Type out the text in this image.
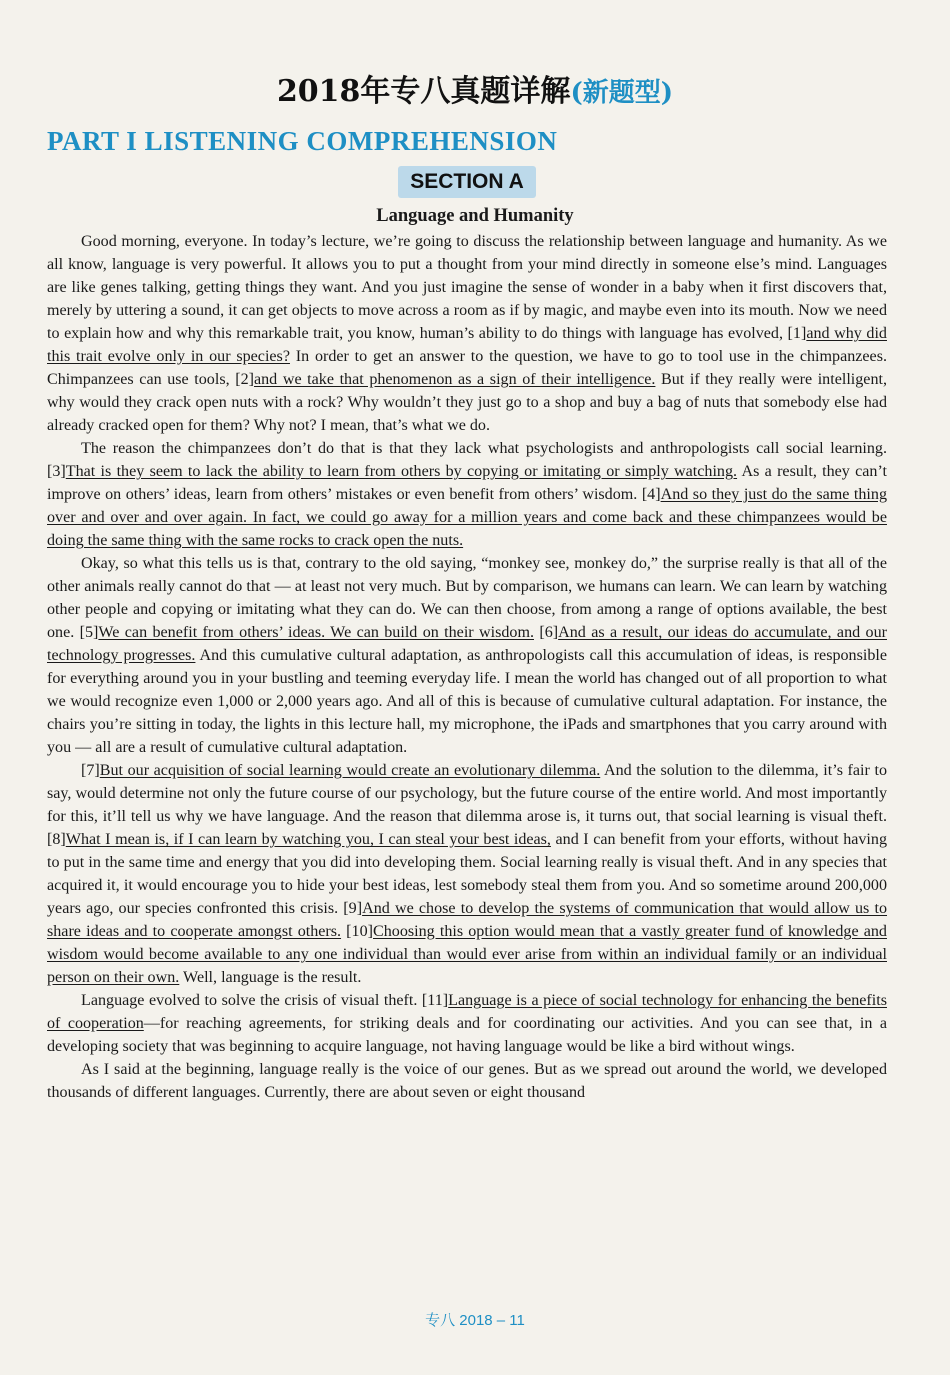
2018年专八真题详解(新题型)
PART I LISTENING COMPREHENSION
SECTION A
Language and Humanity

Good morning, everyone. In today’s lecture, we’re going to discuss the relationship between language and humanity. As we all know, language is very powerful. It allows you to put a thought from your mind directly in someone else’s mind. Languages are like genes talking, getting things they want. And you just imagine the sense of wonder in a baby when it first discovers that, merely by uttering a sound, it can get objects to move across a room as if by magic, and maybe even into its mouth. Now we need to explain how and why this remarkable trait, you know, human’s ability to do things with language has evolved, [1]and why did this trait evolve only in our species? In order to get an answer to the question, we have to go to tool use in the chimpanzees. Chimpanzees can use tools, [2]and we take that phenomenon as a sign of their intelligence. But if they really were intelligent, why would they crack open nuts with a rock? Why wouldn’t they just go to a shop and buy a bag of nuts that somebody else had already cracked open for them? Why not? I mean, that’s what we do.

The reason the chimpanzees don’t do that is that they lack what psychologists and anthropologists call social learning. [3]That is they seem to lack the ability to learn from others by copying or imitating or simply watching. As a result, they can’t improve on others’ ideas, learn from others’ mistakes or even benefit from others’ wisdom. [4]And so they just do the same thing over and over and over again. In fact, we could go away for a million years and come back and these chimpanzees would be doing the same thing with the same rocks to crack open the nuts.

Okay, so what this tells us is that, contrary to the old saying, “monkey see, monkey do,” the surprise really is that all of the other animals really cannot do that — at least not very much. But by comparison, we humans can learn. We can learn by watching other people and copying or imitating what they can do. We can then choose, from among a range of options available, the best one. [5]We can benefit from others’ ideas. We can build on their wisdom. [6]And as a result, our ideas do accumulate, and our technology progresses. And this cumulative cultural adaptation, as anthropologists call this accumulation of ideas, is responsible for everything around you in your bustling and teeming everyday life. I mean the world has changed out of all proportion to what we would recognize even 1,000 or 2,000 years ago. And all of this is because of cumulative cultural adaptation. For instance, the chairs you’re sitting in today, the lights in this lecture hall, my microphone, the iPads and smartphones that you carry around with you — all are a result of cumulative cultural adaptation.

[7]But our acquisition of social learning would create an evolutionary dilemma. And the solution to the dilemma, it’s fair to say, would determine not only the future course of our psychology, but the future course of the entire world. And most importantly for this, it’ll tell us why we have language. And the reason that dilemma arose is, it turns out, that social learning is visual theft. [8]What I mean is, if I can learn by watching you, I can steal your best ideas, and I can benefit from your efforts, without having to put in the same time and energy that you did into developing them. Social learning really is visual theft. And in any species that acquired it, it would encourage you to hide your best ideas, lest somebody steal them from you. And so sometime around 200,000 years ago, our species confronted this crisis. [9]And we chose to develop the systems of communication that would allow us to share ideas and to cooperate amongst others. [10]Choosing this option would mean that a vastly greater fund of knowledge and wisdom would become available to any one individual than would ever arise from within an individual family or an individual person on their own. Well, language is the result.

Language evolved to solve the crisis of visual theft. [11]Language is a piece of social technology for enhancing the benefits of cooperation—for reaching agreements, for striking deals and for coordinating our activities. And you can see that, in a developing society that was beginning to acquire language, not having language would be like a bird without wings.

As I said at the beginning, language really is the voice of our genes. But as we spread out around the world, we developed thousands of different languages. Currently, there are about seven or eight thousand

专八 2018 – 11
